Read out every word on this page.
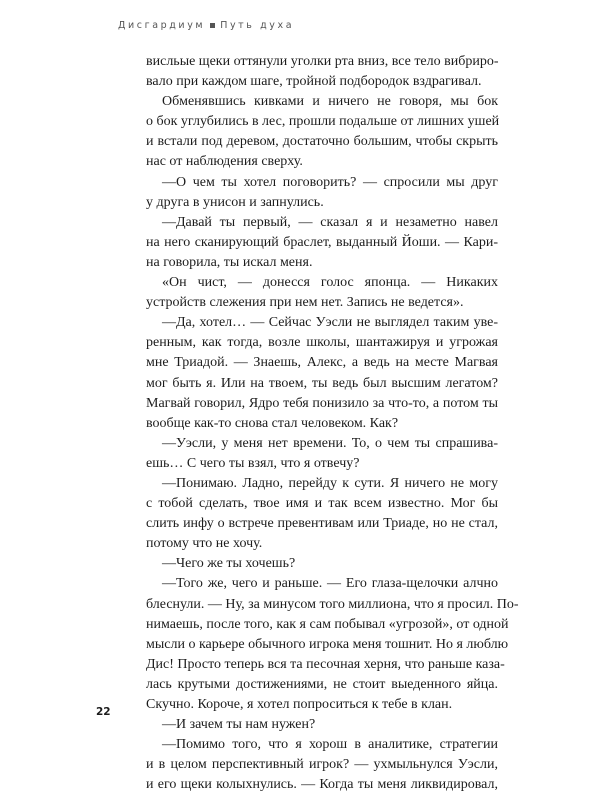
Дисгардиум Путь духа
висльые щеки оттянули уголки рта вниз, все тело вибриро-
вало при каждом шаге, тройной подбородок вздрагивал.
Обменявшись кивками и ничего не говоря, мы бок
о бок углубились в лес, прошли подальше от лишних ушей
и встали под деревом, достаточно большим, чтобы скрыть
нас от наблюдения сверху.
—О чем ты хотел поговорить? — спросили мы друг
у друга в унисон и запнулись.
—Давай ты первый, — сказал я и незаметно навел
на него сканирующий браслет, выданный Йоши. — Кари-
на говорила, ты искал меня.
«Он чист, — донесся голос японца. — Никаких
устройств слежения при нем нет. Запись не ведется».
—Да, хотел… — Сейчас Уэсли не выглядел таким уве-
ренным, как тогда, возле школы, шантажируя и угрожая
мне Триадой. — Знаешь, Алекс, а ведь на месте Магвая
мог быть я. Или на твоем, ты ведь был высшим легатом?
Магвай говорил, Ядро тебя понизило за что-то, а потом ты
вообще как-то снова стал человеком. Как?
—Уэсли, у меня нет времени. То, о чем ты спрашива-
ешь… С чего ты взял, что я отвечу?
—Понимаю. Ладно, перейду к сути. Я ничего не могу
с тобой сделать, твое имя и так всем известно. Мог бы
слить инфу о встрече превентивам или Триаде, но не стал,
потому что не хочу.
—Чего же ты хочешь?
—Того же, чего и раньше. — Его глаза-щелочки алчно
блеснули. — Ну, за минусом того миллиона, что я просил. По-
нимаешь, после того, как я сам побывал «угрозой», от одной
мысли о карьере обычного игрока меня тошнит. Но я люблю
Дис! Просто теперь вся та песочная херня, что раньше каза-
лась крутыми достижениями, не стоит выеденного яйца.
Скучно. Короче, я хотел попроситься к тебе в клан.
—И зачем ты нам нужен?
—Помимо того, что я хорош в аналитике, стратегии
и в целом перспективный игрок? — ухмыльнулся Уэсли,
и его щеки колыхнулись. — Когда ты меня ликвидировал,
22
